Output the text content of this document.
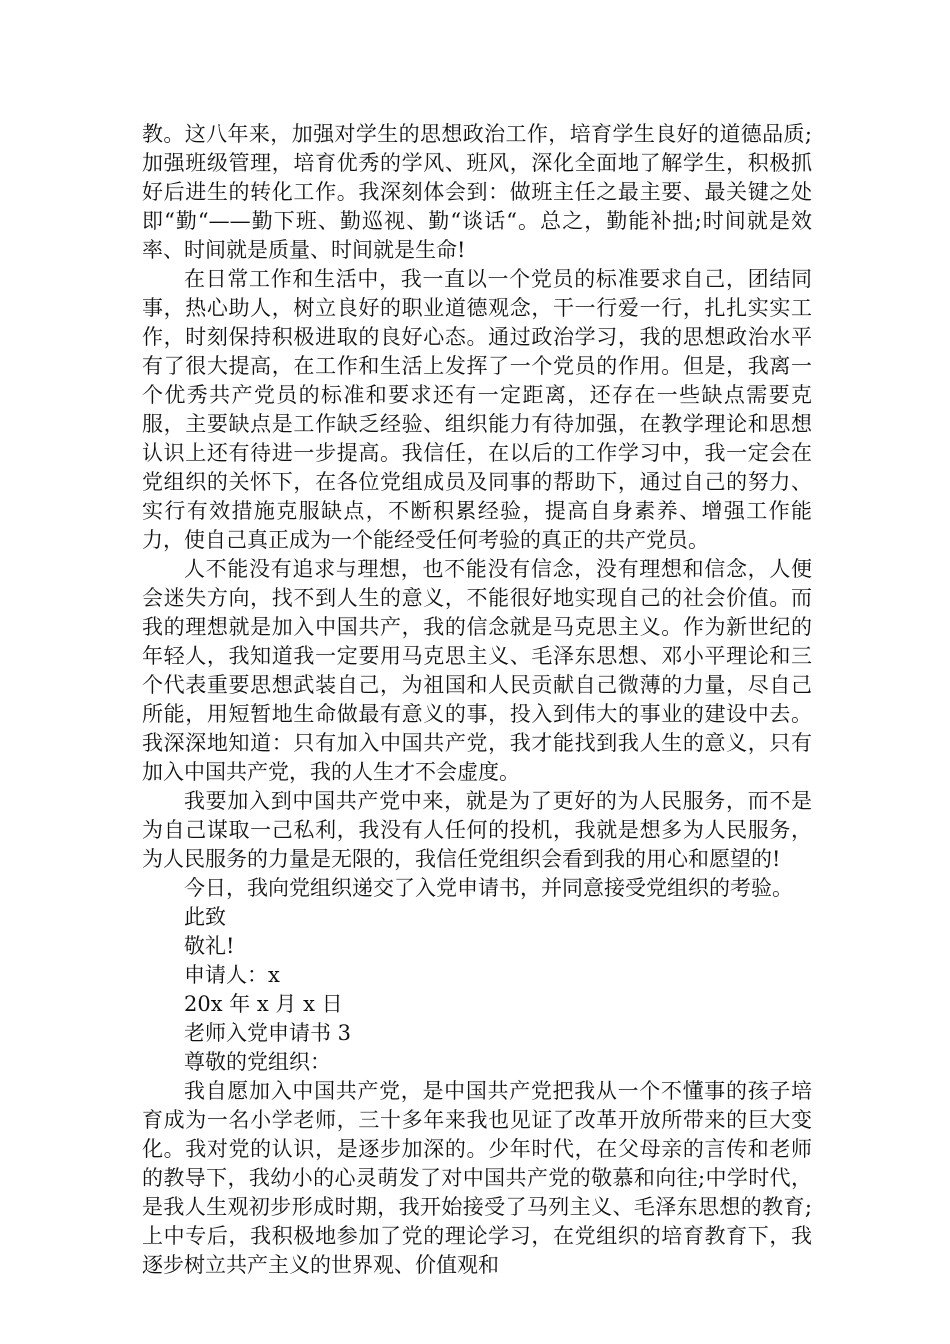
教。这八年来，加强对学生的思想政治工作，培育学生良好的道德品质;加强班级管理，培育优秀的学风、班风，深化全面地了解学生，积极抓好后进生的转化工作。我深刻体会到：做班主任之最主要、最关键之处即“勤“——勤下班、勤巡视、勤“谈话“。总之，勤能补拙;时间就是效率、时间就是质量、时间就是生命!

在日常工作和生活中，我一直以一个党员的标准要求自己，团结同事，热心助人，树立良好的职业道德观念，干一行爱一行，扎扎实实工作，时刻保持积极进取的良好心态。通过政治学习，我的思想政治水平有了很大提高，在工作和生活上发挥了一个党员的作用。但是，我离一个优秀共产党员的标准和要求还有一定距离，还存在一些缺点需要克服，主要缺点是工作缺乏经验、组织能力有待加强，在教学理论和思想认识上还有待进一步提高。我信任，在以后的工作学习中，我一定会在党组织的关怀下，在各位党组成员及同事的帮助下，通过自己的努力、实行有效措施克服缺点，不断积累经验，提高自身素养、增强工作能力，使自己真正成为一个能经受任何考验的真正的共产党员。

人不能没有追求与理想，也不能没有信念，没有理想和信念，人便会迷失方向，找不到人生的意义，不能很好地实现自己的社会价值。而我的理想就是加入中国共产，我的信念就是马克思主义。作为新世纪的年轻人，我知道我一定要用马克思主义、毛泽东思想、邓小平理论和三个代表重要思想武装自己，为祖国和人民贡献自己微薄的力量，尽自己所能，用短暂地生命做最有意义的事，投入到伟大的事业的建设中去。我深深地知道：只有加入中国共产党，我才能找到我人生的意义，只有加入中国共产党，我的人生才不会虚度。

我要加入到中国共产党中来，就是为了更好的为人民服务，而不是为自己谋取一己私利，我没有人任何的投机，我就是想多为人民服务，为人民服务的力量是无限的，我信任党组织会看到我的用心和愿望的!

今日，我向党组织递交了入党申请书，并同意接受党组织的考验。

此致

敬礼!

申请人：x

20x 年 x 月 x 日

老师入党申请书 3

尊敬的党组织：

我自愿加入中国共产党，是中国共产党把我从一个不懂事的孩子培育成为一名小学老师，三十多年来我也见证了改革开放所带来的巨大变化。我对党的认识，是逐步加深的。少年时代，在父母亲的言传和老师的教导下，我幼小的心灵萌发了对中国共产党的敬慕和向往;中学时代，是我人生观初步形成时期，我开始接受了马列主义、毛泽东思想的教育;上中专后，我积极地参加了党的理论学习，在党组织的培育教育下，我逐步树立共产主义的世界观、价值观和
